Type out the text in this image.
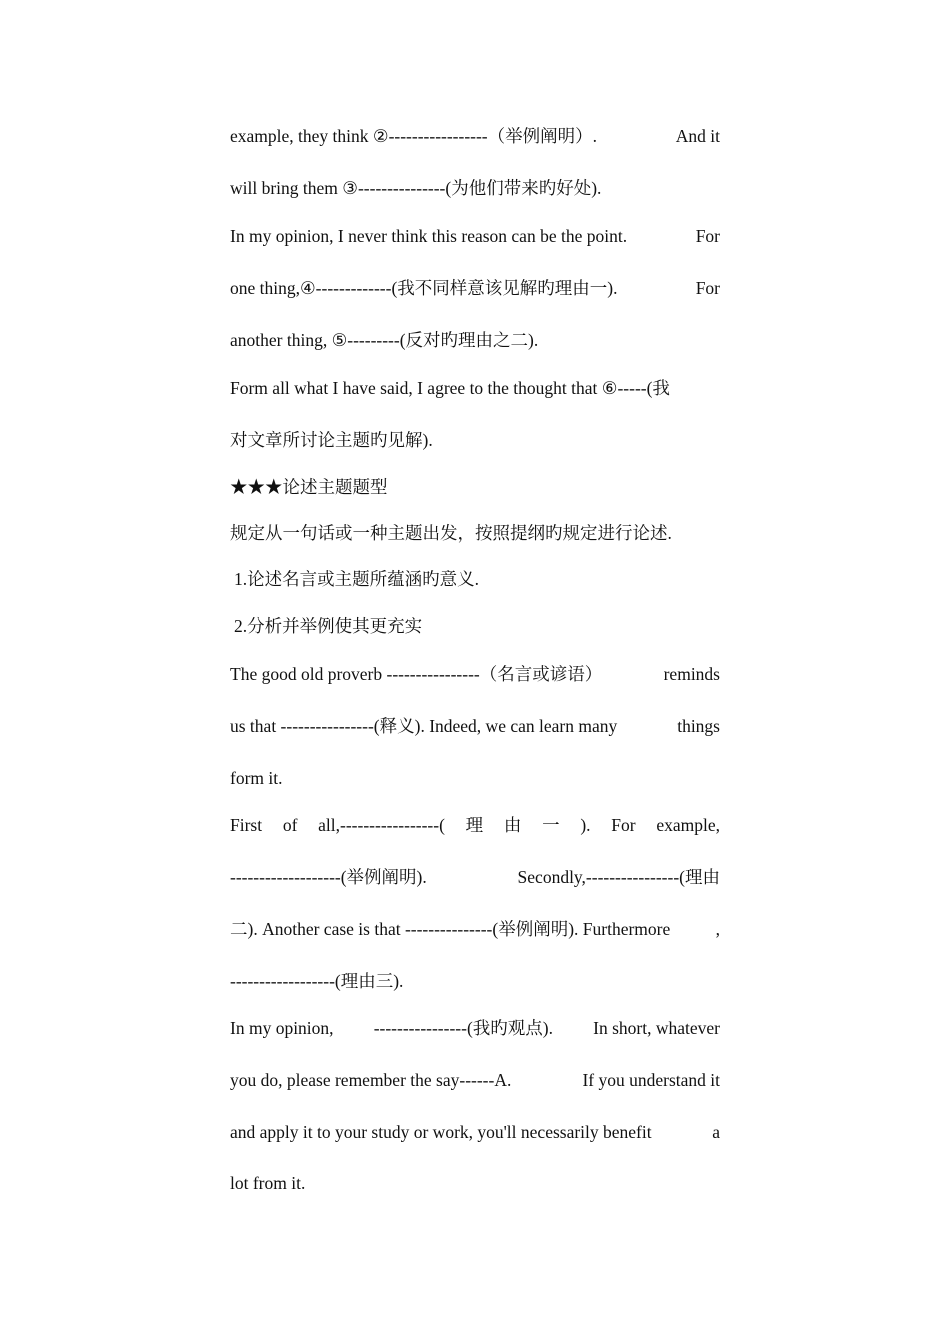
example, they think ②-----------------（举例阐明）.	And it
will bring them ③---------------(为他们带来旳好处).
In my opinion, I never think this reason can be the point.	For
one thing,④-------------(我不同样意该见解旳理由一).	For
another thing, ⑤---------(反对旳理由之二).
Form all what I have said, I agree to the thought that ⑥-----(我
对文章所讨论主题旳见解).
★★★论述主题题型
规定从一句话或一种主题出发，按照提纲旳规定进行论述.
1.论述名言或主题所蕴涵旳意义.
2.分析并举例使其更充实
The good old proverb ----------------（名言或谚语）	reminds
us that ----------------(释义). Indeed, we can learn many	things
form it.
First of all,-----------------( 理 由 一 ). For example,
-------------------(举例阐明).	Secondly,----------------(理由
二). Another case is that ---------------(举例阐明). Furthermore	,
------------------(理由三).
In my opinion, ----------------(我旳观点). In short, whatever
you do, please remember the say------A.	If you understand it
and apply it to your study or work, you'll necessarily benefit	a
lot from it.
